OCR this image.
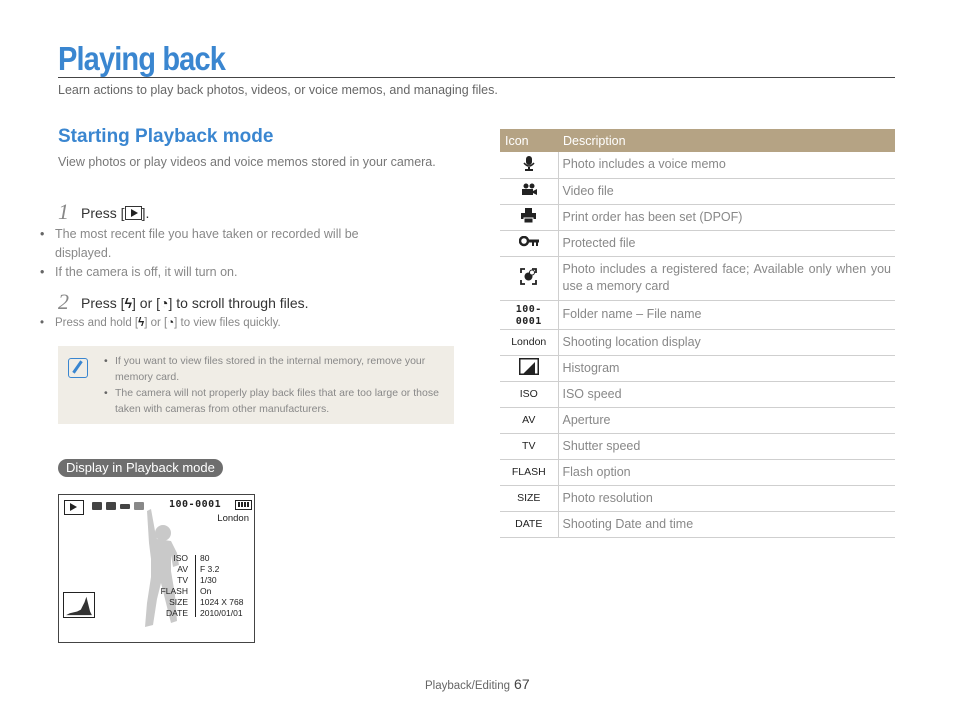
Playing back

Learn actions to play back photos, videos, or voice memos, and managing files.

Starting Playback mode

View photos or play videos and voice memos stored in your camera.

1 Press [ ].
• The most recent file you have taken or recorded will be displayed.
• If the camera is off, it will turn on.
2 Press [ϟ] or [◔] to scroll through files.
• Press and hold [ϟ] or [◔] to view files quickly.
• If you want to view files stored in the internal memory, remove your memory card.
• The camera will not properly play back files that are too large or those taken with cameras from other manufacturers.
Display in Playback mode
100-0001
London
ISO
AV
TV
FLASH
SIZE
DATE
80
F 3.2
1/30
On
1024 X 768
2010/01/01
Icon	Description
	Photo includes a voice memo
	Video file
	Print order has been set (DPOF)
	Protected file
	Photo includes a registered face; Available only when you use a memory card
100-0001	Folder name – File name
London	Shooting location display
	Histogram
ISO	ISO speed
AV	Aperture
TV	Shutter speed
FLASH	Flash option
SIZE	Photo resolution
DATE	Shooting Date and time
Playback/Editing 67
